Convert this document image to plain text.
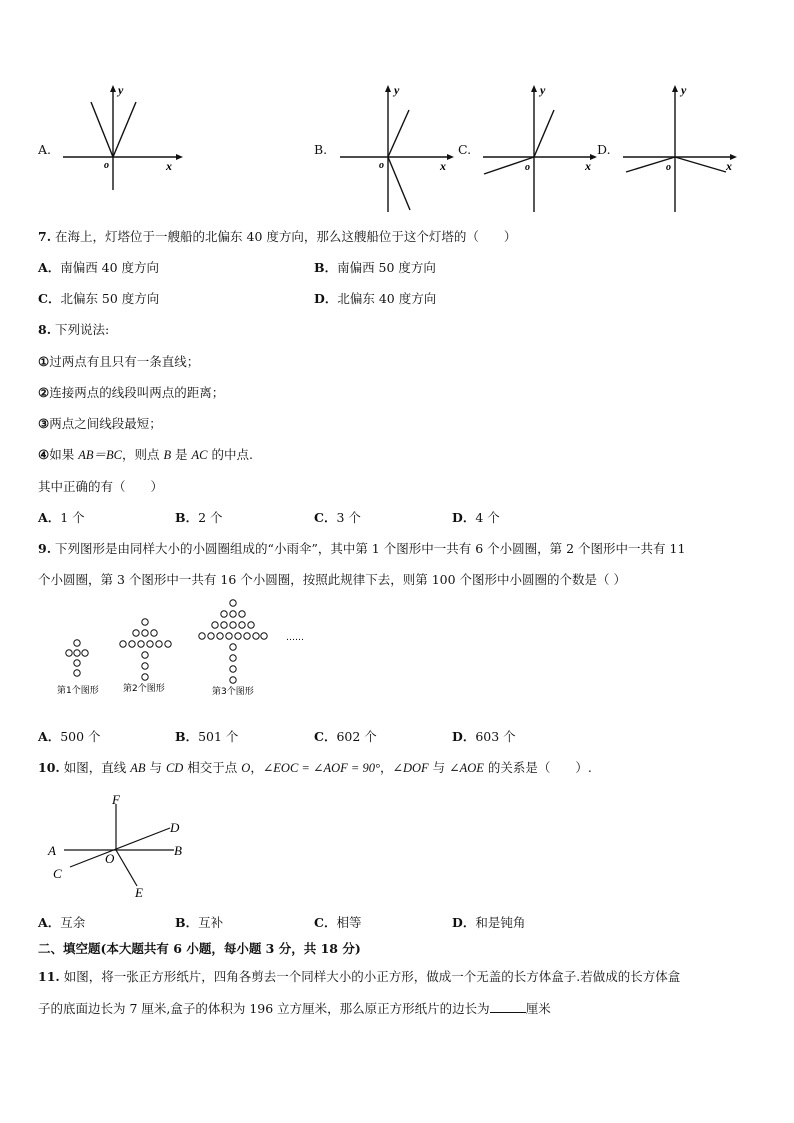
A.
y
x
o
B.
y
x
o
C.
y
x
o
D.
y
x
o
7. 在海上，灯塔位于一艘船的北偏东 40 度方向，那么这艘船位于这个灯塔的（　　）
A．南偏西 40 度方向	B．南偏西 50 度方向
C．北偏东 50 度方向	D．北偏东 40 度方向
8. 下列说法:
①过两点有且只有一条直线；
②连接两点的线段叫两点的距离；
③两点之间线段最短；
④如果 AB＝BC，则点 B 是 AC 的中点.
其中正确的有（　　）
A．1 个	B．2 个	C．3 个	D．4 个
9. 下列图形是由同样大小的小圆圈组成的“小雨伞”，其中第 1 个图形中一共有 6 个小圆圈，第 2 个图形中一共有 11
个小圆圈，第 3 个图形中一共有 16 个小圆圈，按照此规律下去，则第 100 个图形中小圆圈的个数是（ ）
第1个图形	第2个图形	第3个图形
……
A．500 个	B．501 个	C．602 个	D．603 个
10. 如图，直线 AB 与 CD 相交于点 O，∠EOC = ∠AOF = 90°，∠DOF 与 ∠AOE 的关系是（　　）.
F
D
A	B
O
C
E
A．互余	B．互补	C．相等	D．和是钝角
二、填空题(本大题共有 6 小题，每小题 3 分，共 18 分)
11. 如图，将一张正方形纸片，四角各剪去一个同样大小的小正方形，做成一个无盖的长方体盒子.若做成的长方体盒
子的底面边长为 7 厘米,盒子的体积为 196 立方厘米，那么原正方形纸片的边长为	厘米
